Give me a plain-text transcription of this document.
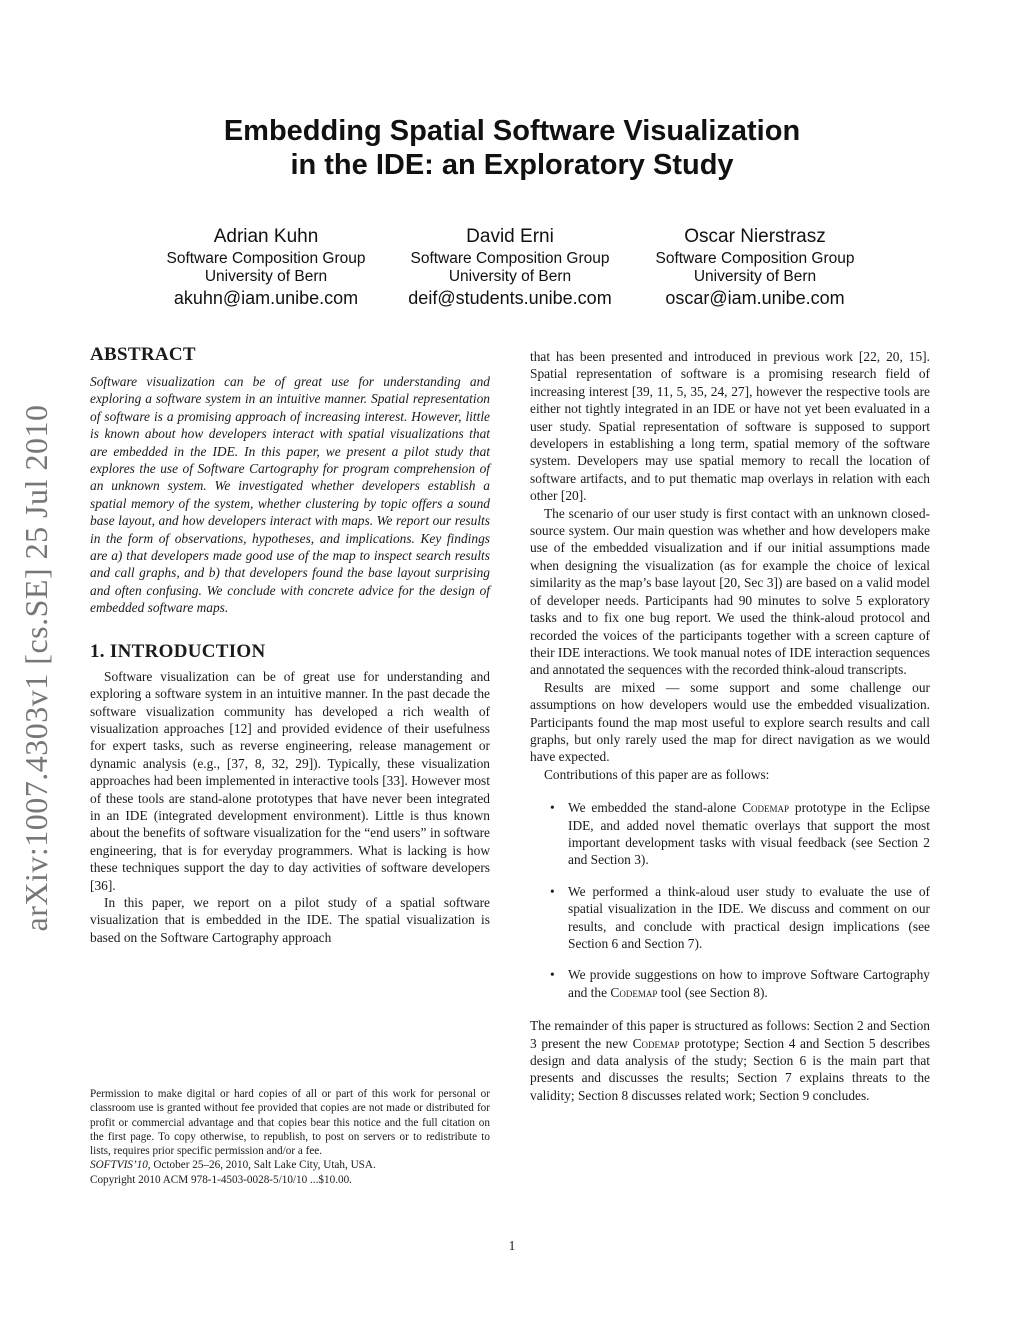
Embedding Spatial Software Visualization
in the IDE: an Exploratory Study
Adrian Kuhn
Software Composition Group
University of Bern
akuhn@iam.unibe.com
David Erni
Software Composition Group
University of Bern
deif@students.unibe.com
Oscar Nierstrasz
Software Composition Group
University of Bern
oscar@iam.unibe.com
arXiv:1007.4303v1 [cs.SE] 25 Jul 2010
ABSTRACT

Software visualization can be of great use for understanding and exploring a software system in an intuitive manner. Spatial representation of software is a promising approach of increasing interest. However, little is known about how developers interact with spatial visualizations that are embedded in the IDE. In this paper, we present a pilot study that explores the use of Software Cartography for program comprehension of an unknown system. We investigated whether developers establish a spatial memory of the system, whether clustering by topic offers a sound base layout, and how developers interact with maps. We report our results in the form of observations, hypotheses, and implications. Key findings are a) that developers made good use of the map to inspect search results and call graphs, and b) that developers found the base layout surprising and often confusing. We conclude with concrete advice for the design of embedded software maps.

1. INTRODUCTION

Software visualization can be of great use for understanding and exploring a software system in an intuitive manner. In the past decade the software visualization community has developed a rich wealth of visualization approaches [12] and provided evidence of their usefulness for expert tasks, such as reverse engineering, release management or dynamic analysis (e.g., [37, 8, 32, 29]). Typically, these visualization approaches had been implemented in interactive tools [33]. However most of these tools are stand-alone prototypes that have never been integrated in an IDE (integrated development environment). Little is thus known about the benefits of software visualization for the “end users” in software engineering, that is for everyday programmers. What is lacking is how these techniques support the day to day activities of software developers [36].

In this paper, we report on a pilot study of a spatial software visualization that is embedded in the IDE. The spatial visualization is based on the Software Cartography approach

Permission to make digital or hard copies of all or part of this work for personal or classroom use is granted without fee provided that copies are not made or distributed for profit or commercial advantage and that copies bear this notice and the full citation on the first page. To copy otherwise, to republish, to post on servers or to redistribute to lists, requires prior specific permission and/or a fee.

SOFTVIS’10, October 25–26, 2010, Salt Lake City, Utah, USA.

Copyright 2010 ACM 978-1-4503-0028-5/10/10 ...$10.00.

that has been presented and introduced in previous work [22, 20, 15]. Spatial representation of software is a promising research field of increasing interest [39, 11, 5, 35, 24, 27], however the respective tools are either not tightly integrated in an IDE or have not yet been evaluated in a user study. Spatial representation of software is supposed to support developers in establishing a long term, spatial memory of the software system. Developers may use spatial memory to recall the location of software artifacts, and to put thematic map overlays in relation with each other [20].

The scenario of our user study is first contact with an unknown closed-source system. Our main question was whether and how developers make use of the embedded visualization and if our initial assumptions made when designing the visualization (as for example the choice of lexical similarity as the map’s base layout [20, Sec 3]) are based on a valid model of developer needs. Participants had 90 minutes to solve 5 exploratory tasks and to fix one bug report. We used the think-aloud protocol and recorded the voices of the participants together with a screen capture of their IDE interactions. We took manual notes of IDE interaction sequences and annotated the sequences with the recorded think-aloud transcripts.

Results are mixed — some support and some challenge our assumptions on how developers would use the embedded visualization. Participants found the map most useful to explore search results and call graphs, but only rarely used the map for direct navigation as we would have expected.

Contributions of this paper are as follows:

• We embedded the stand-alone Codemap prototype in the Eclipse IDE, and added novel thematic overlays that support the most important development tasks with visual feedback (see Section 2 and Section 3).
• We performed a think-aloud user study to evaluate the use of spatial visualization in the IDE. We discuss and comment on our results, and conclude with practical design implications (see Section 6 and Section 7).
• We provide suggestions on how to improve Software Cartography and the Codemap tool (see Section 8).

The remainder of this paper is structured as follows: Section 2 and Section 3 present the new Codemap prototype; Section 4 and Section 5 describes design and data analysis of the study; Section 6 is the main part that presents and discusses the results; Section 7 explains threats to the validity; Section 8 discusses related work; Section 9 concludes.

1
